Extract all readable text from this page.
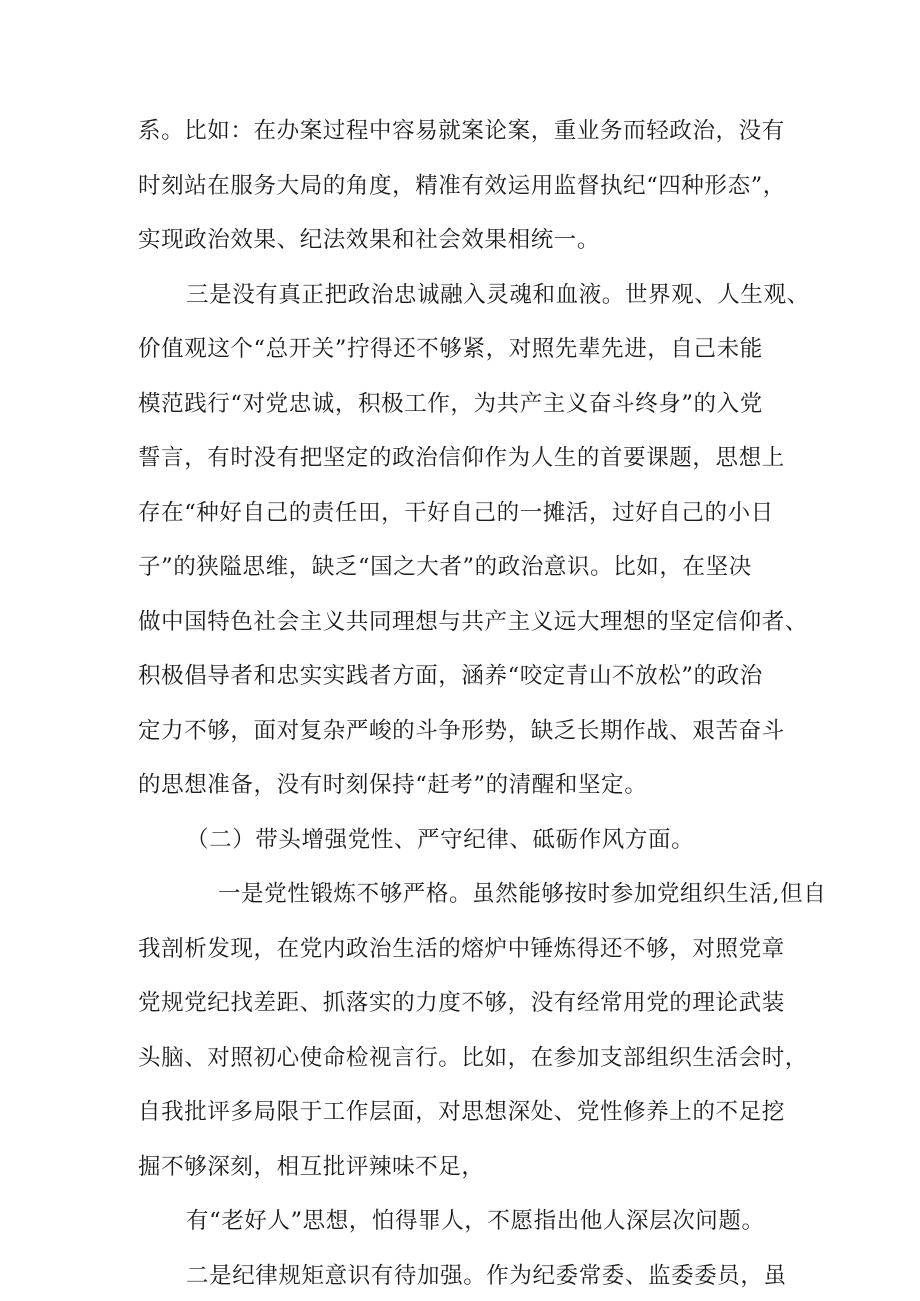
系。比如：在办案过程中容易就案论案，重业务而轻政治，没有
时刻站在服务大局的角度，精准有效运用监督执纪“四种形态”，
实现政治效果、纪法效果和社会效果相统一。
三是没有真正把政治忠诚融入灵魂和血液。世界观、人生观、
价值观这个“总开关”拧得还不够紧，对照先辈先进，自己未能
模范践行“对党忠诚，积极工作，为共产主义奋斗终身”的入党
誓言，有时没有把坚定的政治信仰作为人生的首要课题，思想上
存在“种好自己的责任田，干好自己的一摊活，过好自己的小日
子”的狭隘思维，缺乏“国之大者”的政治意识。比如，在坚决
做中国特色社会主义共同理想与共产主义远大理想的坚定信仰者、
积极倡导者和忠实实践者方面，涵养“咬定青山不放松”的政治
定力不够，面对复杂严峻的斗争形势，缺乏长期作战、艰苦奋斗
的思想准备，没有时刻保持“赶考”的清醒和坚定。
（二）带头增强党性、严守纪律、砥砺作风方面。
一是党性锻炼不够严格。虽然能够按时参加党组织生活,但自
我剖析发现，在党内政治生活的熔炉中锤炼得还不够，对照党章
党规党纪找差距、抓落实的力度不够，没有经常用党的理论武装
头脑、对照初心使命检视言行。比如，在参加支部组织生活会时，
自我批评多局限于工作层面，对思想深处、党性修养上的不足挖
掘不够深刻，相互批评辣味不足，
有“老好人”思想，怕得罪人，不愿指出他人深层次问题。
二是纪律规矩意识有待加强。作为纪委常委、监委委员，虽
